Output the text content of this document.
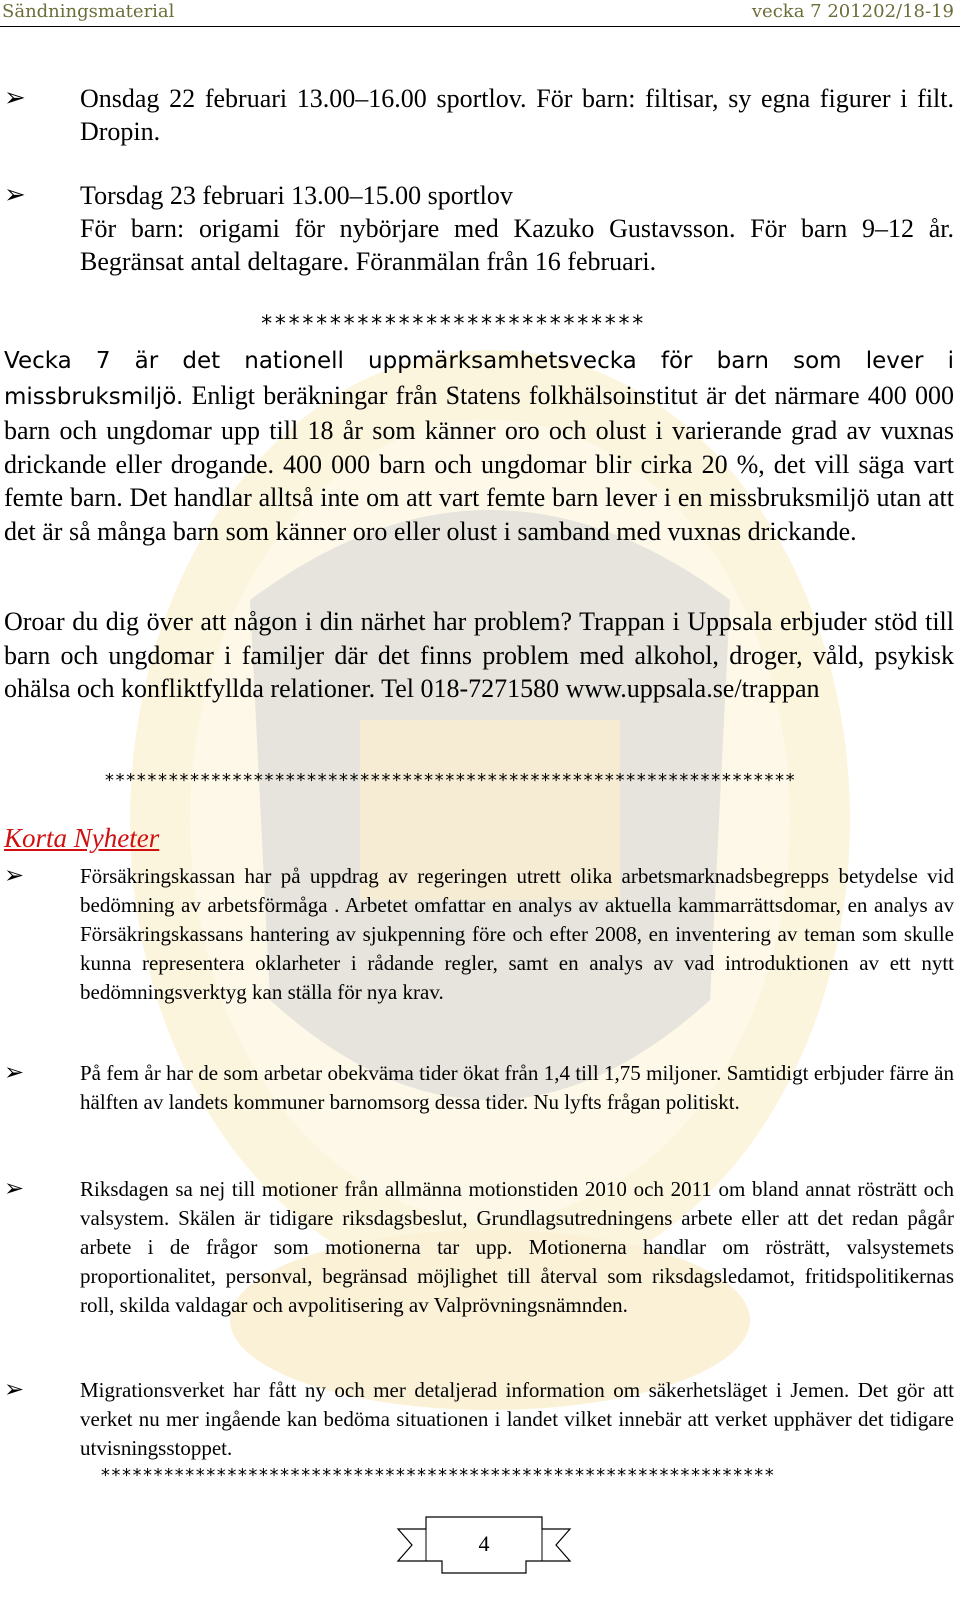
Sändningsmaterial	vecka 7 201202/18-19
➢ Onsdag 22 februari 13.00–16.00 sportlov. För barn: filtisar, sy egna figurer i filt. Dropin.
➢ Torsdag 23 februari 13.00–15.00 sportlov
För barn: origami för nybörjare med Kazuko Gustavsson. För barn 9–12 år. Begränsat antal deltagare. Föranmälan från 16 februari.
****************************
Vecka 7 är det nationell uppmärksamhetsvecka för barn som lever i missbruksmiljö. Enligt beräkningar från Statens folkhälsoinstitut är det närmare 400 000 barn och ungdomar upp till 18 år som känner oro och olust i varierande grad av vuxnas drickande eller drogande. 400 000 barn och ungdomar blir cirka 20 %, det vill säga vart femte barn. Det handlar alltså inte om att vart femte barn lever i en missbruksmiljö utan att det är så många barn som känner oro eller olust i samband med vuxnas drickande.
Oroar du dig över att någon i din närhet har problem? Trappan i Uppsala erbjuder stöd till barn och ungdomar i familjer där det finns problem med alkohol, droger, våld, psykisk ohälsa och konfliktfyllda relationer. Tel 018-7271580 www.uppsala.se/trappan
*****************************************************************
Korta Nyheter
➢	Försäkringskassan har på uppdrag av regeringen utrett olika arbetsmarknadsbegrepps betydelse vid bedömning av arbetsförmåga . Arbetet omfattar en analys av aktuella kammarrättsdomar, en analys av Försäkringskassans hantering av sjukpenning före och efter 2008, en inventering av teman som skulle kunna representera oklarheter i rådande regler, samt en analys av vad introduktionen av ett nytt bedömningsverktyg kan ställa för nya krav.
➢	På fem år har de som arbetar obekväma tider ökat från 1,4 till 1,75 miljoner. Samtidigt erbjuder färre än hälften av landets kommuner barnomsorg dessa tider. Nu lyfts frågan politiskt.
➢	Riksdagen sa nej till motioner från allmänna motionstiden 2010 och 2011 om bland annat rösträtt och valsystem. Skälen är tidigare riksdagsbeslut, Grundlagsutredningens arbete eller att det redan pågår arbete i de frågor som motionerna tar upp. Motionerna handlar om rösträtt, valsystemets proportionalitet, personval, begränsad möjlighet till återval som riksdagsledamot, fritidspolitikernas roll, skilda valdagar och avpolitisering av Valprövningsnämnden.
➢	Migrationsverket har fått ny och mer detaljerad information om säkerhetsläget i Jemen. Det gör att verket nu mer ingående kan bedöma situationen i landet vilket innebär att verket upphäver det tidigare utvisningsstoppet.
****************************************************************
4
